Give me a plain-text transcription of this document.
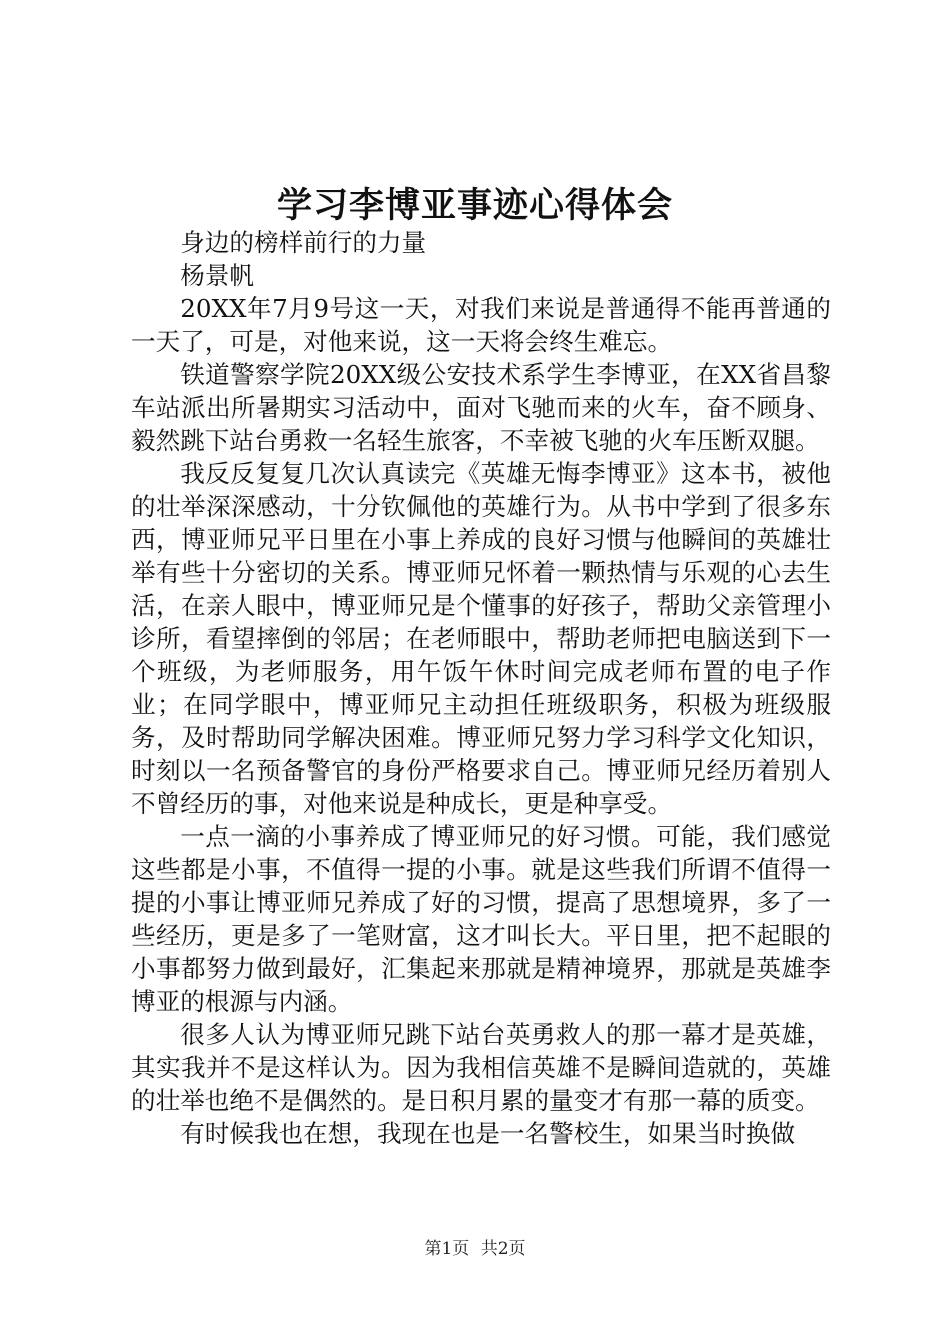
学习李博亚事迹心得体会

身边的榜样前行的力量

杨景帆

20XX年7月9号这一天，对我们来说是普通得不能再普通的一天了，可是，对他来说，这一天将会终生难忘。

铁道警察学院20XX级公安技术系学生李博亚，在XX省昌黎车站派出所暑期实习活动中，面对飞驰而来的火车，奋不顾身、毅然跳下站台勇救一名轻生旅客，不幸被飞驰的火车压断双腿。

我反反复复几次认真读完《英雄无悔李博亚》这本书，被他的壮举深深感动，十分钦佩他的英雄行为。从书中学到了很多东西，博亚师兄平日里在小事上养成的良好习惯与他瞬间的英雄壮举有些十分密切的关系。博亚师兄怀着一颗热情与乐观的心去生活，在亲人眼中，博亚师兄是个懂事的好孩子，帮助父亲管理小诊所，看望摔倒的邻居；在老师眼中，帮助老师把电脑送到下一个班级，为老师服务，用午饭午休时间完成老师布置的电子作业；在同学眼中，博亚师兄主动担任班级职务，积极为班级服务，及时帮助同学解决困难。博亚师兄努力学习科学文化知识，时刻以一名预备警官的身份严格要求自己。博亚师兄经历着别人不曾经历的事，对他来说是种成长，更是种享受。

一点一滴的小事养成了博亚师兄的好习惯。可能，我们感觉这些都是小事，不值得一提的小事。就是这些我们所谓不值得一提的小事让博亚师兄养成了好的习惯，提高了思想境界，多了一些经历，更是多了一笔财富，这才叫长大。平日里，把不起眼的小事都努力做到最好，汇集起来那就是精神境界，那就是英雄李博亚的根源与内涵。

很多人认为博亚师兄跳下站台英勇救人的那一幕才是英雄，其实我并不是这样认为。因为我相信英雄不是瞬间造就的，英雄的壮举也绝不是偶然的。是日积月累的量变才有那一幕的质变。

有时候我也在想，我现在也是一名警校生，如果当时换做

第1页 共2页
